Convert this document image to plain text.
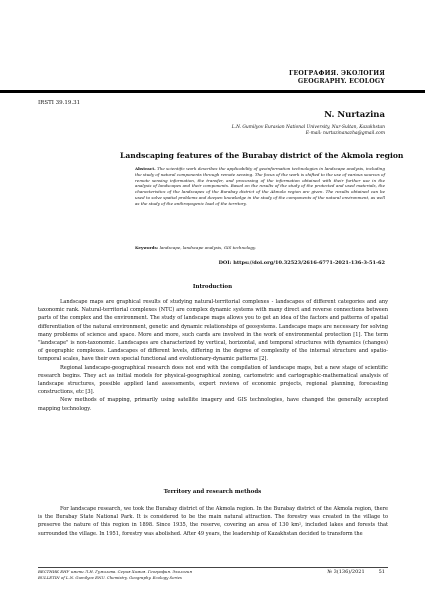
ГЕОГРАФИЯ. ЭКОЛОГИЯ
GEOGRAPHY. ECOLOGY
IRSTI 39.19.31
N. Nurtazina
L.N. Gumilyov Eurasian National University, Nur-Sultan, Kazakhstan
E-mail: nurtazinanazha@gmail.com
Landscaping features of the Burabay district of the Akmola region
Abstract. The scientific work describes the applicability of geoinformation technologies in landscape analysis, including the study of natural components through remote sensing. The focus of the work is shifted to the use of various sources of remote sensing information, the transfer, and processing of the information obtained with their further use in the analysis of landscapes and their components. Based on the results of the study of the protected and used materials, the characteristics of the landscapes of the Burabay district of the Akmola region are given. The results obtained can be used to solve spatial problems and deepen knowledge in the study of the components of the natural environment, as well as the study of the anthropogenic load of the territory.
Keywords: landscape, landscape analysis, GIS technology.
DOI: https://doi.org/10.32523/2616-6771-2021-136-3-51-62
Introduction

Landscape maps are graphical results of studying natural-territorial complexes - landscapes of different categories and any taxonomic rank. Natural-territorial complexes (NTC) are complex dynamic systems with many direct and reverse connections between parts of the complex and the environment. The study of landscape maps allows you to get an idea of the factors and patterns of spatial differentiation of the natural environment, genetic and dynamic relationships of geosystems. Landscape maps are necessary for solving many problems of science and space. More and more, such cards are involved in the work of environmental protection [1]. The term "landscape" is non-taxonomic. Landscapes are characterized by vertical, horizontal, and temporal structures with dynamics (changes) of geographic complexes. Landscapes of different levels, differing in the degree of complexity of the internal structure and spatio-temporal scales, have their own special functional and evolutionary-dynamic patterns [2].

Regional landscape-geographical research does not end with the compilation of landscape maps, but a new stage of scientific research begins. They act as initial models for physical-geographical zoning, cartometric and cartographic-mathematical analysis of landscape structures, possible applied land assessments, expert reviews of economic projects, regional planning, forecasting constructions, etc [3].

New methods of mapping, primarily using satellite imagery and GIS technologies, have changed the generally accepted mapping technology.

Territory and research methods

For landscape research, we took the Burabay district of the Akmola region. In the Burabay district of the Akmola region, there is the Burabay State National Park. It is considered to be the main natural attraction. The forestry was created in the village to preserve the nature of this region in 1898. Since 1935, the reserve, covering an area of 130 km², included lakes and forests that surrounded the village. In 1951, forestry was abolished. After 49 years, the leadership of Kazakhstan decided to transform the

ВЕСТНИК ЕНУ имени Л.Н. Гумилева. Серия Химия. География. Экология
BULLETIN of L.N. Gumilyov ENU. Chemistry. Geography. Ecology Series
№ 3(136)/2021	51
